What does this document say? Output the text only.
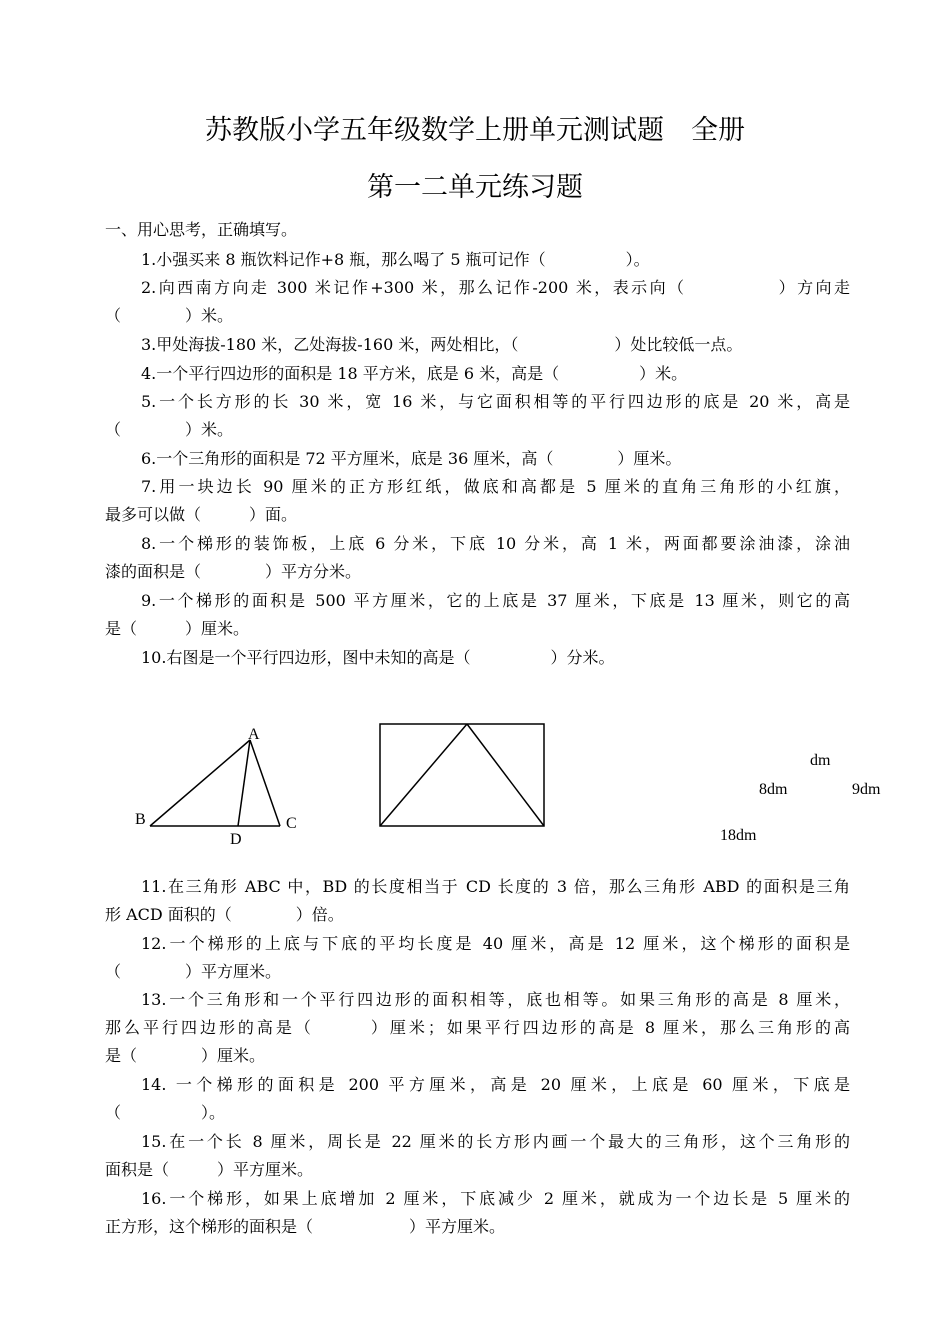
苏教版小学五年级数学上册单元测试题　全册
第一二单元练习题

一、用心思考，正确填写。

1.小强买来 8 瓶饮料记作+8 瓶，那么喝了 5 瓶可记作（　　　　　）。

2.向西南方向走 300 米记作+300 米，那么记作-200 米，表示向（　　　　　）方向走

（　　　　）米。

3.甲处海拔-180 米，乙处海拔-160 米，两处相比，（　　　　　　）处比较低一点。

4.一个平行四边形的面积是 18 平方米，底是 6 米，高是（　　　　　）米。

5.一个长方形的长 30 米，宽 16 米，与它面积相等的平行四边形的底是 20 米，高是

（　　　　）米。

6.一个三角形的面积是 72 平方厘米，底是 36 厘米，高（　　　　）厘米。

7.用一块边长 90 厘米的正方形红纸，做底和高都是 5 厘米的直角三角形的小红旗，

最多可以做（　　　）面。

8.一个梯形的装饰板，上底 6 分米，下底 10 分米，高 1 米，两面都要涂油漆，涂油

漆的面积是（　　　　）平方分米。

9.一个梯形的面积是 500 平方厘米，它的上底是 37 厘米，下底是 13 厘米，则它的高

是（　　　）厘米。

10.右图是一个平行四边形，图中未知的高是（　　　　　）分米。

A
B	C
D
dm
8dm	9dm
18dm

11.在三角形 ABC 中，BD 的长度相当于 CD 长度的 3 倍，那么三角形 ABD 的面积是三角

形 ACD 面积的（　　　　）倍。

12.一个梯形的上底与下底的平均长度是 40 厘米，高是 12 厘米，这个梯形的面积是

（　　　　）平方厘米。

13.一个三角形和一个平行四边形的面积相等，底也相等。如果三角形的高是 8 厘米，

那么平行四边形的高是（　　　）厘米；如果平行四边形的高是 8 厘米，那么三角形的高

是（　　　　）厘米。

14. 一个梯形的面积是 200 平方厘米，高是 20 厘米，上底是 60 厘米，下底是

（　　　　　）。

15.在一个长 8 厘米，周长是 22 厘米的长方形内画一个最大的三角形，这个三角形的

面积是（　　　）平方厘米。

16.一个梯形，如果上底增加 2 厘米，下底减少 2 厘米，就成为一个边长是 5 厘米的

正方形，这个梯形的面积是（　　　　　　）平方厘米。
